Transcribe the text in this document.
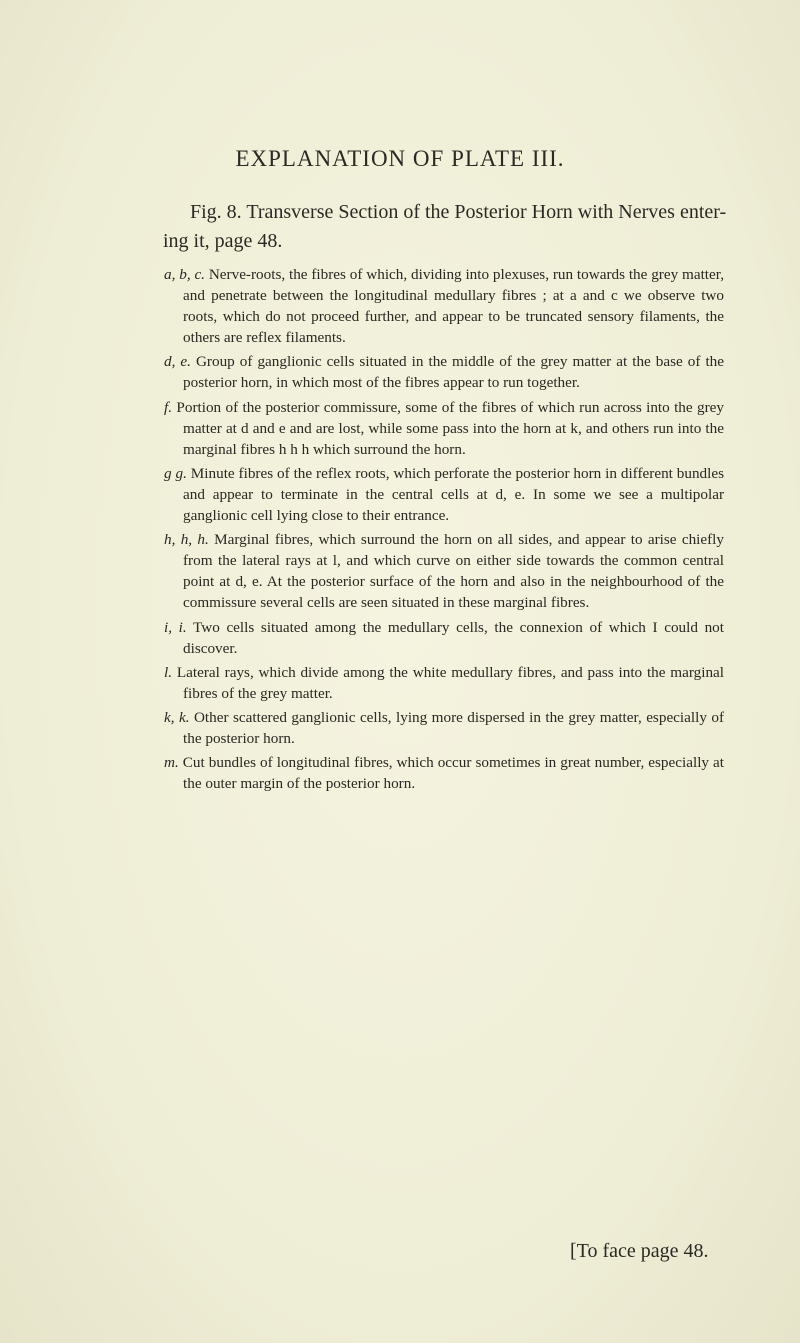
EXPLANATION OF PLATE III.
Fig. 8. Transverse Section of the Posterior Horn with Nerves enter-
ing it, page 48.

a, b, c. Nerve-roots, the fibres of which, dividing into plexuses, run towards the grey matter, and penetrate between the longitudinal medullary fibres ; at a and c we observe two roots, which do not proceed further, and appear to be truncated sensory filaments, the others are reflex filaments.

d, e. Group of ganglionic cells situated in the middle of the grey matter at the base of the posterior horn, in which most of the fibres appear to run together.

f. Portion of the posterior commissure, some of the fibres of which run across into the grey matter at d and e and are lost, while some pass into the horn at k, and others run into the marginal fibres h h h which surround the horn.

g g. Minute fibres of the reflex roots, which perforate the posterior horn in different bundles and appear to terminate in the central cells at d, e. In some we see a multipolar ganglionic cell lying close to their entrance.

h, h, h. Marginal fibres, which surround the horn on all sides, and appear to arise chiefly from the lateral rays at l, and which curve on either side towards the common central point at d, e. At the posterior surface of the horn and also in the neighbourhood of the commissure several cells are seen situated in these marginal fibres.

i, i. Two cells situated among the medullary cells, the connexion of which I could not discover.

l. Lateral rays, which divide among the white medullary fibres, and pass into the marginal fibres of the grey matter.

k, k. Other scattered ganglionic cells, lying more dispersed in the grey matter, especially of the posterior horn.

m. Cut bundles of longitudinal fibres, which occur sometimes in great number, especially at the outer margin of the posterior horn.

[To face page 48.
